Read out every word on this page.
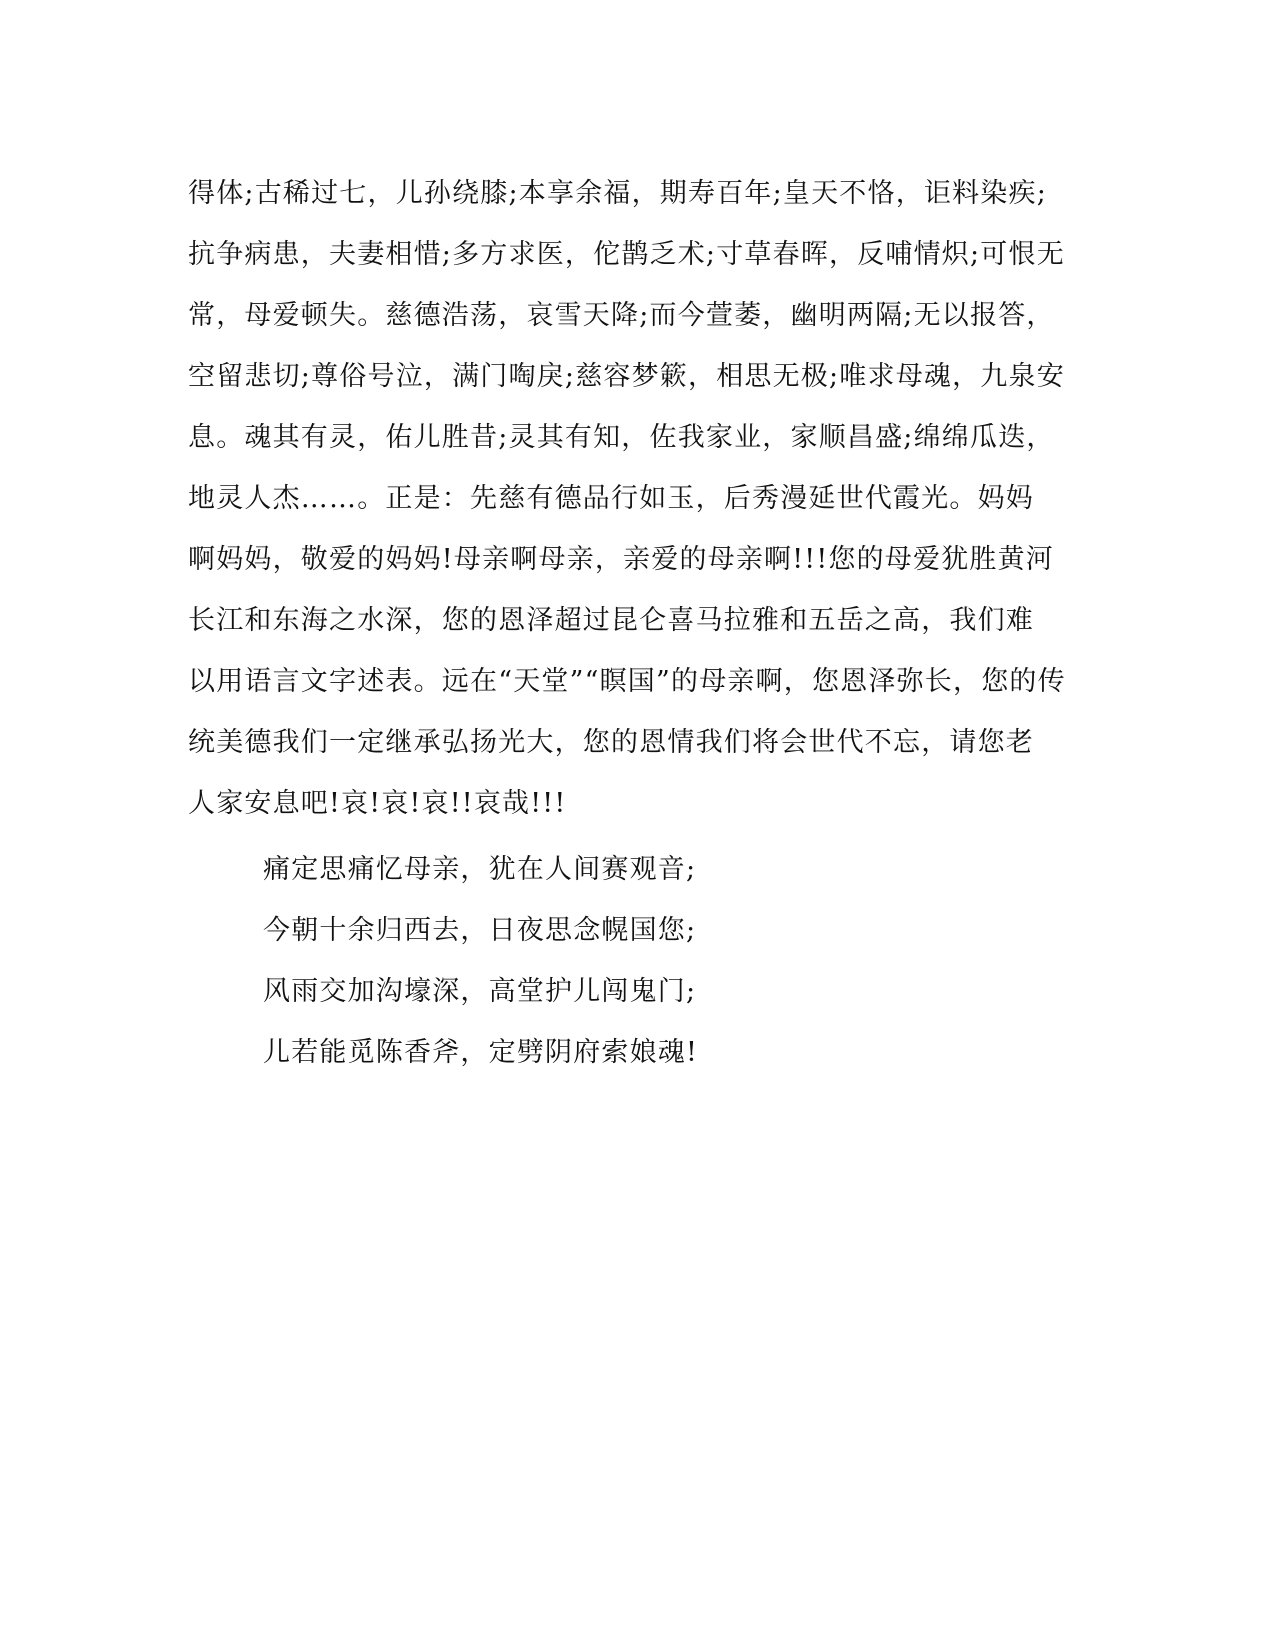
得体;古稀过七，儿孙绕膝;本享余福，期寿百年;皇天不恪，讵料染疾;
抗争病患，夫妻相惜;多方求医，佗鹊乏术;寸草春晖，反哺情炽;可恨无
常，母爱顿失。慈德浩荡，哀雪天降;而今萱萎，幽明两隔;无以报答，
空留悲切;尊俗号泣，满门啕戾;慈容梦簌，相思无极;唯求母魂，九泉安
息。魂其有灵，佑儿胜昔;灵其有知，佐我家业，家顺昌盛;绵绵瓜迭，
地灵人杰……。正是：先慈有德品行如玉，后秀漫延世代霞光。妈妈
啊妈妈，敬爱的妈妈!母亲啊母亲，亲爱的母亲啊!!!您的母爱犹胜黄河
长江和东海之水深，您的恩泽超过昆仑喜马拉雅和五岳之高，我们难
以用语言文字述表。远在“天堂”“瞑国”的母亲啊，您恩泽弥长，您的传
统美德我们一定继承弘扬光大，您的恩情我们将会世代不忘，请您老
人家安息吧!哀!哀!哀!!哀哉!!!
痛定思痛忆母亲，犹在人间赛观音;
今朝十余归西去，日夜思念幌国您;
风雨交加沟壕深，高堂护儿闯鬼门;
儿若能觅陈香斧，定劈阴府索娘魂!
